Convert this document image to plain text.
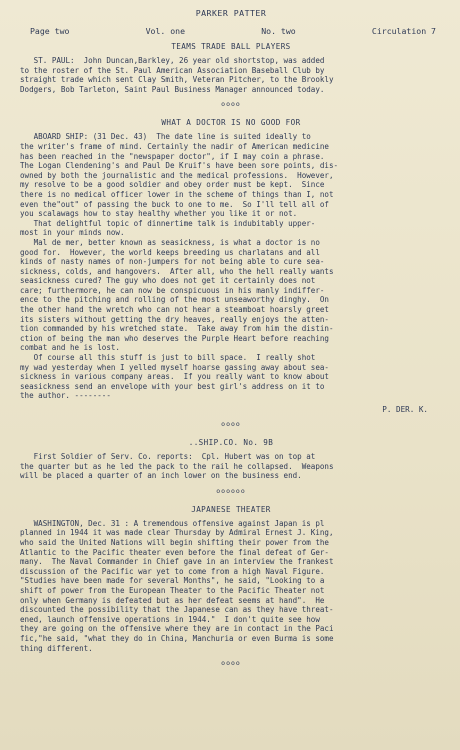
PARKER PATTER
Page two	Vol. one	No. two	Circulation 7
TEAMS TRADE BALL PLAYERS
ST. PAUL:  John Duncan,Barkley, 26 year old shortstop, was added
to the roster of the St. Paul American Association Baseball Club by
straight trade which sent Clay Smith, Veteran Pitcher, to the Brookly
Dodgers, Bob Tarleton, Saint Paul Business Manager announced today.
oooo
WHAT A DOCTOR IS NO GOOD FOR
ABOARD SHIP: (31 Dec. 43)  The date line is suited ideally to
the writer's frame of mind. Certainly the nadir of American medicine
has been reached in the "newspaper doctor", if I may coin a phrase.
The Logan Clendening's and Paul De Kruif's have been sore points, dis-
owned by both the journalistic and the medical professions.  However,
my resolve to be a good soldier and obey order must be kept.  Since
there is no medical officer lower in the scheme of things than I, not
even the"out" of passing the buck to one to me.  So I'll tell all of
you scalawags how to stay healthy whether you like it or not.
That delightful topic of dinnertime talk is indubitably upper-
most in your minds now.
Mal de mer, better known as seasickness, is what a doctor is no
good for.  However, the world keeps breeding us charlatans and all
kinds of nasty names of non-jumpers for not being able to cure sea-
sickness, colds, and hangovers.  After all, who the hell really wants
seasickness cured? The guy who does not get it certainly does not
care; furthermore, he can now be conspicuous in his manly indiffer-
ence to the pitching and rolling of the most unseaworthy dinghy.  On
the other hand the wretch who can not hear a steamboat hoarsly greet
its sisters without getting the dry heaves, really enjoys the atten-
tion commanded by his wretched state.  Take away from him the distin-
ction of being the man who deserves the Purple Heart before reaching
combat and he is lost.
Of course all this stuff is just to bill space.  I really shot
my wad yesterday when I yelled myself hoarse gassing away about sea-
sickness in various company areas.  If you really want to know about
seasickness send an envelope with your best girl's address on it to
the author. --------
P. DER. K.
oooo
..SHIP.CO. No. 9B
First Soldier of Serv. Co. reports:  Cpl. Hubert was on top at
the quarter but as he led the pack to the rail he collapsed.  Weapons
will be placed a quarter of an inch lower on the business end.
oooooo
JAPANESE THEATER
WASHINGTON, Dec. 31 : A tremendous offensive against Japan is pl
planned in 1944 it was made clear Thursday by Admiral Ernest J. King,
who said the United Nations will begin shifting their power from the
Atlantic to the Pacific theater even before the final defeat of Ger-
many.  The Naval Commander in Chief gave in an interview the frankest
discussion of the Pacific war yet to come from a high Naval Figure.
"Studies have been made for several Months", he said, "Looking to a
shift of power from the European Theater to the Pacific Theater not
only when Germany is defeated but as her defeat seems at hand".  He
discounted the possibility that the Japanese can as they have threat-
ened, launch offensive operations in 1944."  I don't quite see how
they are going on the offensive where they are in contact in the Paci
fic,"he said, "what they do in China, Manchuria or even Burma is some
thing different.
oooo
